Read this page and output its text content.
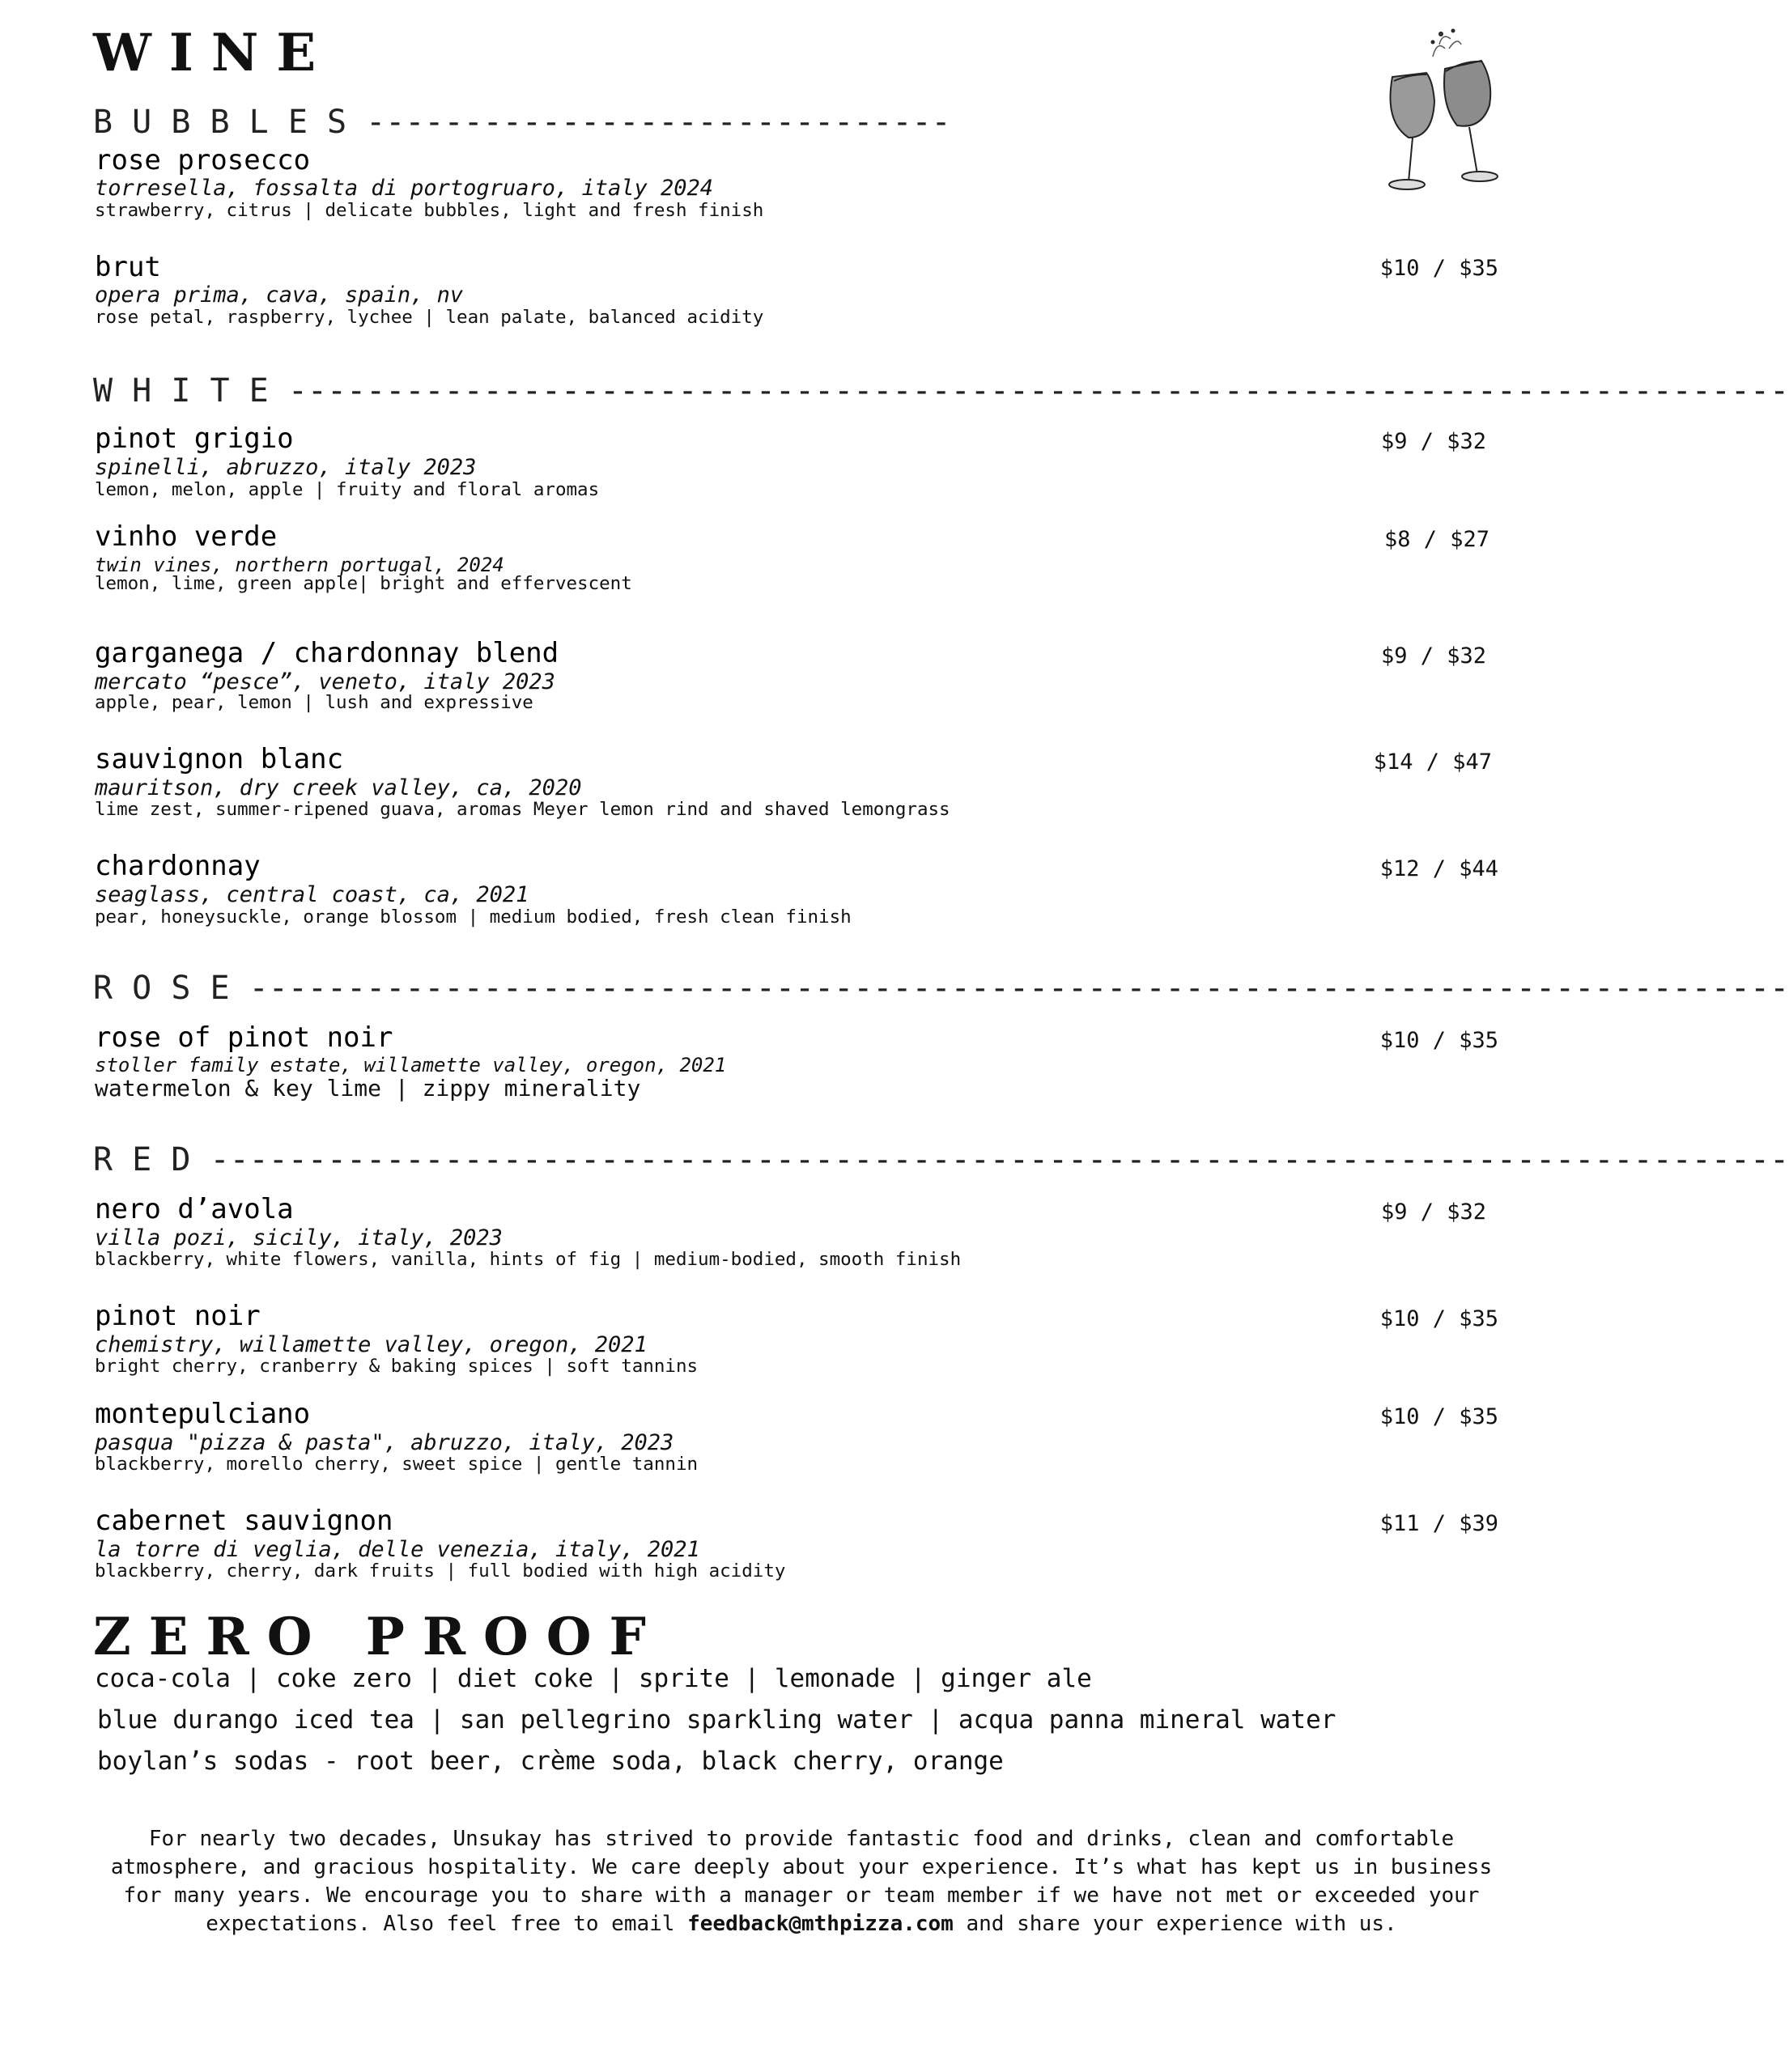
WINE
B U B B L E S ------------------------------
rose prosecco
torresella, fossalta di portogruaro, italy 2024
strawberry, citrus | delicate bubbles, light and fresh finish
brut	$10 / $35
opera prima, cava, spain, nv
rose petal, raspberry, lychee | lean palate, balanced acidity
W H I T E -----------------------------------------------------------------------------
pinot grigio	$9 / $32
spinelli, abruzzo, italy 2023
lemon, melon, apple | fruity and floral aromas
vinho verde	$8 / $27
twin vines, northern portugal, 2024
lemon, lime, green apple| bright and effervescent
garganega / chardonnay blend	$9 / $32
mercato “pesce”, veneto, italy 2023
apple, pear, lemon | lush and expressive
sauvignon blanc	$14 / $47
mauritson, dry creek valley, ca, 2020
lime zest, summer-ripened guava, aromas Meyer lemon rind and shaved lemongrass
chardonnay	$12 / $44
seaglass, central coast, ca, 2021
pear, honeysuckle, orange blossom | medium bodied, fresh clean finish
R O S E -------------------------------------------------------------------------------
rose of pinot noir	$10 / $35
stoller family estate, willamette valley, oregon, 2021
watermelon & key lime | zippy minerality
R E D ---------------------------------------------------------------------------------
nero d’avola	$9 / $32
villa pozi, sicily, italy, 2023
blackberry, white flowers, vanilla, hints of fig | medium-bodied, smooth finish
pinot noir	$10 / $35
chemistry, willamette valley, oregon, 2021
bright cherry, cranberry & baking spices | soft tannins
montepulciano	$10 / $35
pasqua "pizza & pasta", abruzzo, italy, 2023
blackberry, morello cherry, sweet spice | gentle tannin
cabernet sauvignon	$11 / $39
la torre di veglia, delle venezia, italy, 2021
blackberry, cherry, dark fruits | full bodied with high acidity
ZERO PROOF
coca-cola | coke zero | diet coke | sprite | lemonade | ginger ale
blue durango iced tea | san pellegrino sparkling water | acqua panna mineral water
boylan’s sodas - root beer, crème soda, black cherry, orange
For nearly two decades, Unsukay has strived to provide fantastic food and drinks, clean and comfortable atmosphere, and gracious hospitality. We care deeply about your experience. It’s what has kept us in business for many years. We encourage you to share with a manager or team member if we have not met or exceeded your expectations. Also feel free to email feedback@mthpizza.com and share your experience with us.
